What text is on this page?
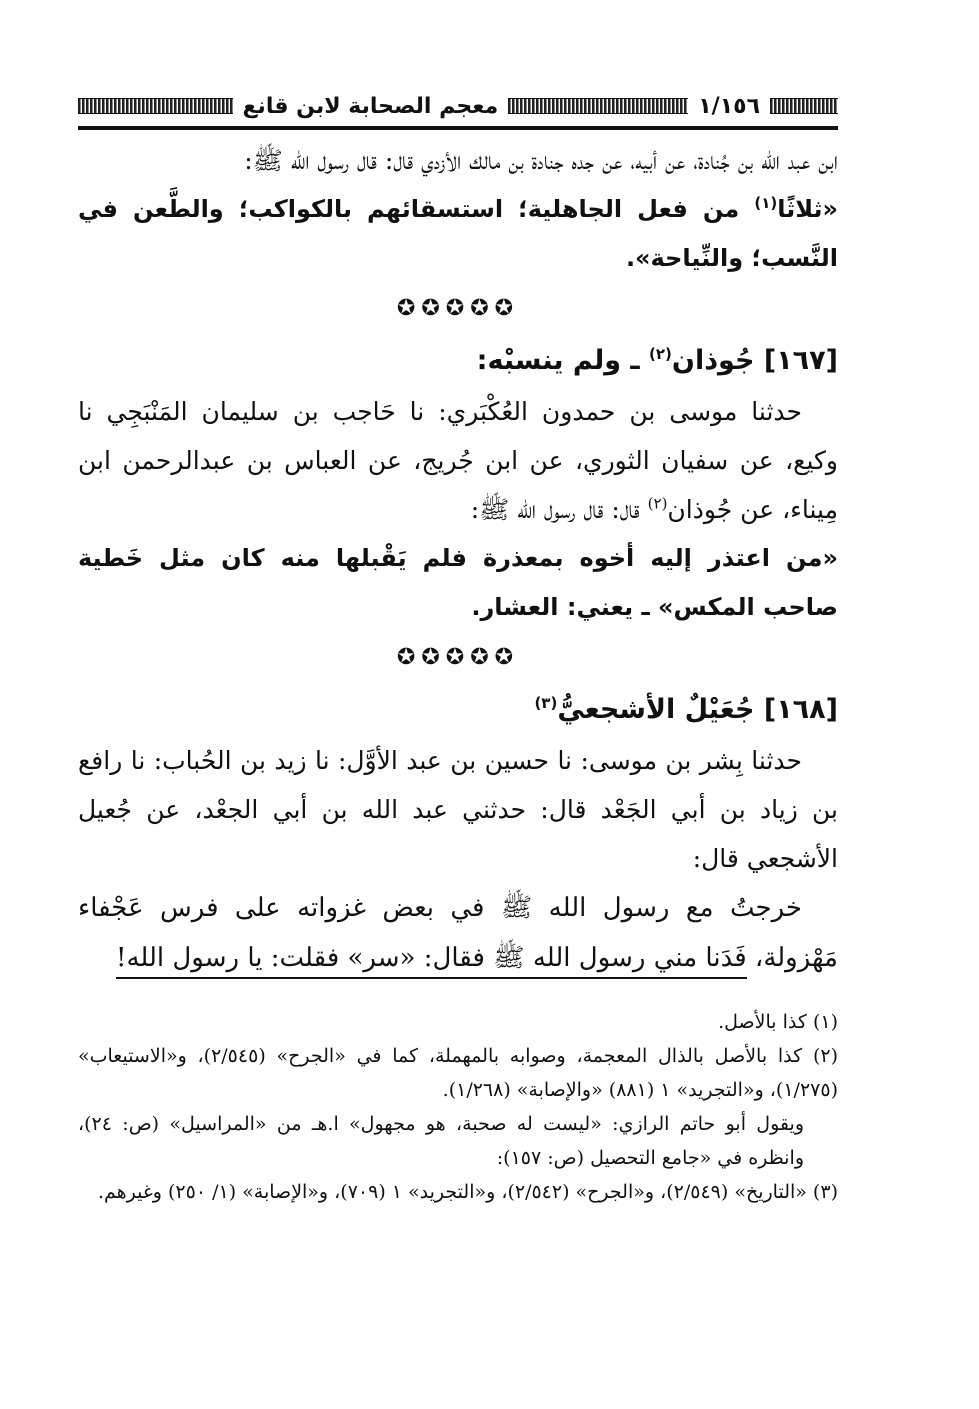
١/١٥٦
معجم الصحابة لابن قانع

ابن عبد الله بن جُنادة، عن أبيه، عن جده جنادة بن مالك الأزدي قال: قال رسول الله ﷺ:

«ثلاثًا$^{(١)}$ من فعل الجاهلية؛ استسقائهم بالكواكب؛ والطَّعن في النَّسب؛ والنِّياحة».

✪✪✪✪✪

[١٦٧] جُوذان$^{(٢)}$ ـ ولم ينسبْه:

حدثنا موسى بن حمدون العُكْبَري: نا حَاجب بن سليمان المَنْبَجِي نا وكيع، عن سفيان الثوري، عن ابن جُريج، عن العباس بن عبدالرحمن ابن مِيناء، عن جُوذان$^{(٢)}$ قال: قال رسول الله ﷺ:

«من اعتذر إليه أخوه بمعذرة فلم يَقْبلها منه كان مثل خَطية صاحب المكس» ـ يعني: العشار.

✪✪✪✪✪

[١٦٨] جُعَيْلٌ الأشجعيُّ$^{(٣)}$

حدثنا بِشر بن موسى: نا حسين بن عبد الأوَّل: نا زيد بن الحُباب: نا رافع بن زياد بن أبي الجَعْد قال: حدثني عبد الله بن أبي الجعْد، عن جُعيل الأشجعي قال:

خرجتُ مع رسول الله ﷺ في بعض غزواته على فرس عَجْفاء مَهْزولة، فَدَنا مني رسول الله ﷺ فقال: «سر» فقلت: يا رسول الله!

(١) كذا بالأصل.

(٢) كذا بالأصل بالذال المعجمة، وصوابه بالمهملة، كما في «الجرح» (٢/٥٤٥)، و«الاستيعاب» (١/٢٧٥)، و«التجريد» ١ (٨٨١) «والإصابة» (١/٢٦٨).

ويقول أبو حاتم الرازي: «ليست له صحبة، هو مجهول» ا.هـ من «المراسيل» (ص: ٢٤)، وانظره في «جامع التحصيل (ص: ١٥٧):

(٣) «التاريخ» (٢/٥٤٩)، و«الجرح» (٢/٥٤٢)، و«التجريد» ١ (٧٠٩)، و«الإصابة» (١/ ٢٥٠) وغيرهم.
